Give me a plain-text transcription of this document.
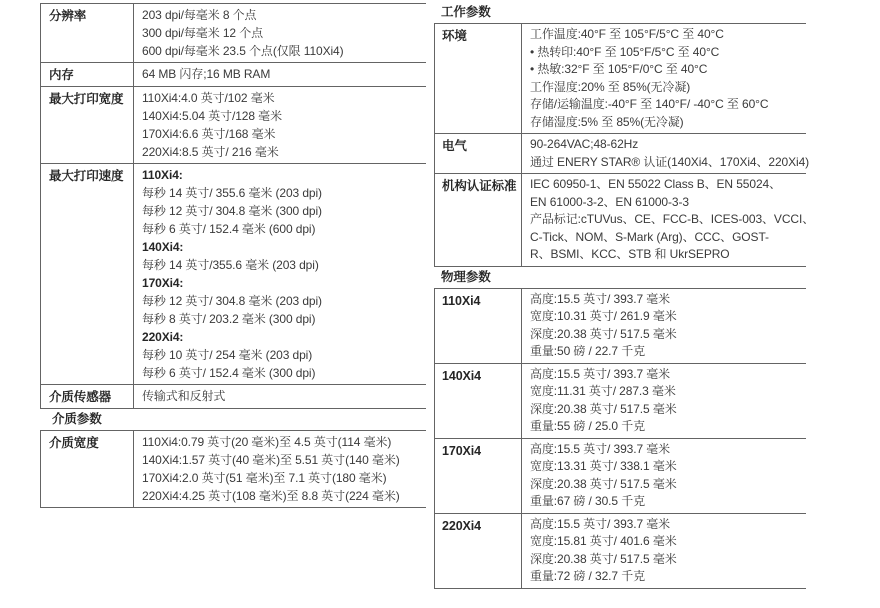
分辨率	203 dpi/每毫米 8 个点
300 dpi/每毫米 12 个点
600 dpi/每毫米 23.5 个点(仅限 110Xi4)
内存	64 MB 闪存;16 MB RAM
最大打印宽度	110Xi4:4.0 英寸/102 毫米
140Xi4:5.04 英寸/128 毫米
170Xi4:6.6 英寸/168 毫米
220Xi4:8.5 英寸/ 216 毫米
最大打印速度	110Xi4:
每秒 14 英寸/ 355.6 毫米 (203 dpi)
每秒 12 英寸/ 304.8 毫米 (300 dpi)
每秒 6 英寸/ 152.4 毫米 (600 dpi)
140Xi4:
每秒 14 英寸/355.6 毫米 (203 dpi)
170Xi4:
每秒 12 英寸/ 304.8 毫米 (203 dpi)
每秒 8 英寸/ 203.2 毫米 (300 dpi)
220Xi4:
每秒 10 英寸/ 254 毫米 (203 dpi)
每秒 6 英寸/ 152.4 毫米 (300 dpi)
介质传感器	传输式和反射式
介质参数
介质宽度	110Xi4:0.79 英寸(20 毫米)至 4.5 英寸(114 毫米)
140Xi4:1.57 英寸(40 毫米)至 5.51 英寸(140 毫米)
170Xi4:2.0 英寸(51 毫米)至 7.1 英寸(180 毫米)
220Xi4:4.25 英寸(108 毫米)至 8.8 英寸(224 毫米)
工作参数
环境	工作温度:40°F 至 105°F/5°C 至 40°C
• 热转印:40°F 至 105°F/5°C 至 40°C
• 热敏:32°F 至 105°F/0°C 至 40°C
工作湿度:20% 至 85%(无冷凝)
存储/运输温度:-40°F 至 140°F/ -40°C 至 60°C
存储湿度:5% 至 85%(无冷凝)
电气	90-264VAC;48-62Hz
通过 ENERY STAR® 认证(140Xi4、170Xi4、220Xi4)
机构认证标准	IEC 60950-1、EN 55022 Class B、EN 55024、
EN 61000-3-2、EN 61000-3-3
产品标记:cTUVus、CE、FCC-B、ICES-003、VCCI、
C-Tick、NOM、S-Mark (Arg)、CCC、GOST-
R、BSMI、KCC、STB 和 UkrSEPRO
物理参数
110Xi4	高度:15.5 英寸/ 393.7 毫米
宽度:10.31 英寸/ 261.9 毫米
深度:20.38 英寸/ 517.5 毫米
重量:50 磅 / 22.7 千克
140Xi4	高度:15.5 英寸/ 393.7 毫米
宽度:11.31 英寸/ 287.3 毫米
深度:20.38 英寸/ 517.5 毫米
重量:55 磅 / 25.0 千克
170Xi4	高度:15.5 英寸/ 393.7 毫米
宽度:13.31 英寸/ 338.1 毫米
深度:20.38 英寸/ 517.5 毫米
重量:67 磅 / 30.5 千克
220Xi4	高度:15.5 英寸/ 393.7 毫米
宽度:15.81 英寸/ 401.6 毫米
深度:20.38 英寸/ 517.5 毫米
重量:72 磅 / 32.7 千克
